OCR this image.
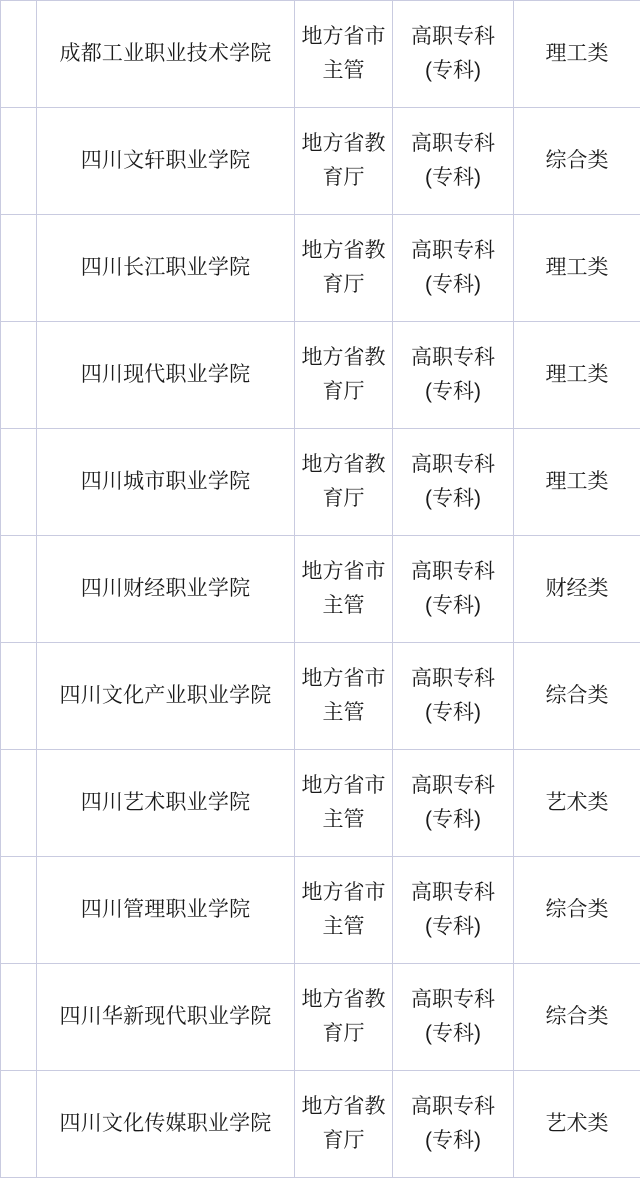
	成都工业职业技术学院	地方省市主管	高职专科(专科)	理工类
	四川文轩职业学院	地方省教育厅	高职专科(专科)	综合类
	四川长江职业学院	地方省教育厅	高职专科(专科)	理工类
	四川现代职业学院	地方省教育厅	高职专科(专科)	理工类
	四川城市职业学院	地方省教育厅	高职专科(专科)	理工类
	四川财经职业学院	地方省市主管	高职专科(专科)	财经类
	四川文化产业职业学院	地方省市主管	高职专科(专科)	综合类
	四川艺术职业学院	地方省市主管	高职专科(专科)	艺术类
	四川管理职业学院	地方省市主管	高职专科(专科)	综合类
	四川华新现代职业学院	地方省教育厅	高职专科(专科)	综合类
	四川文化传媒职业学院	地方省教育厅	高职专科(专科)	艺术类
